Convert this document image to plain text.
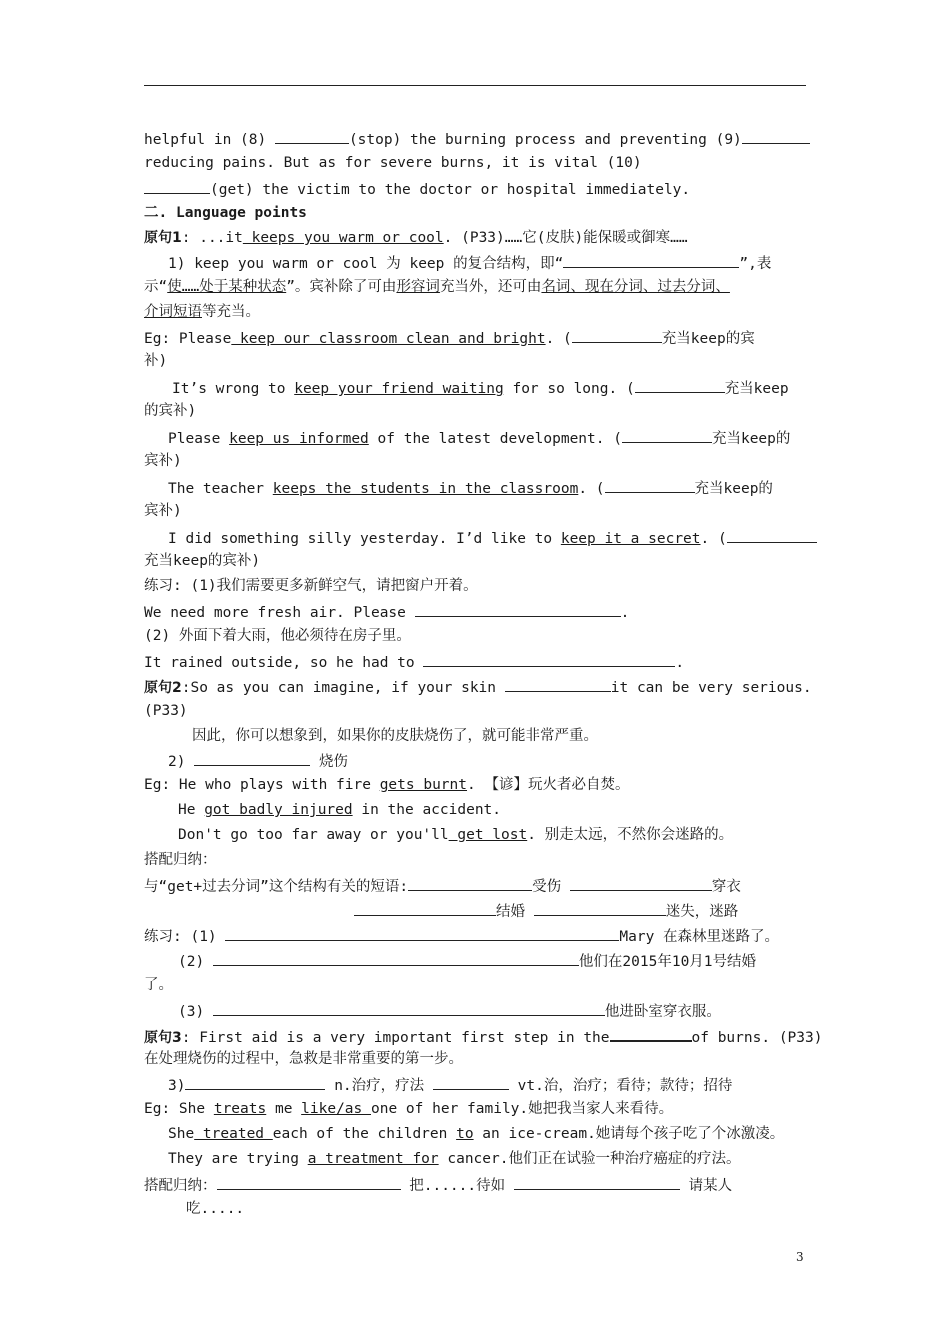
helpful in (8)	(stop) the burning process and preventing (9)
reducing pains. But as for severe burns, it is vital (10)
(get) the victim to the doctor or hospital immediately.
二. Language points
原句1: ...it keeps you warm or cool. (P33)……它(皮肤)能保暖或御寒……
1) keep you warm or cool 为 keep 的复合结构，即“	”,表
示“使……处于某种状态”。宾补除了可由形容词充当外，还可由名词、现在分词、过去分词、
介词短语等充当。
Eg: Please keep our classroom clean and bright. (	充当keep的宾
补)
It’s wrong to keep your friend waiting for so long. (	充当keep
的宾补)
Please keep us informed of the latest development. (	充当keep的
宾补)
The teacher keeps the students in the classroom. (	充当keep的
宾补)
I did something silly yesterday. I’d like to keep it a secret. (
充当keep的宾补)
练习: (1)我们需要更多新鲜空气，请把窗户开着。
We need more fresh air. Please	.
(2) 外面下着大雨，他必须待在房子里。
It rained outside, so he had to	.
原句2:So as you can imagine, if your skin	it can be very serious.
(P33)
因此，你可以想象到，如果你的皮肤烧伤了，就可能非常严重。
2)	烧伤
Eg: He who plays with fire gets burnt. 【谚】玩火者必自焚。
He got badly injured in the accident.
Don't go too far away or you'll get lost. 别走太远，不然你会迷路的。
搭配归纳：
与“get+过去分词”这个结构有关的短语:	受伤	穿衣
结婚	迷失，迷路
练习: (1)	Mary 在森林里迷路了。
(2)	他们在2015年10月1号结婚
了。
(3)	他进卧室穿衣服。
原句3: First aid is a very important first step in the	of burns. (P33)
在处理烧伤的过程中，急救是非常重要的第一步。
3)	n.治疗，疗法	vt.治，治疗；看待；款待；招待
Eg: She treats me like/as one of her family.她把我当家人来看待。
She treated each of the children to an ice-cream.她请每个孩子吃了个冰激凌。
They are trying a treatment for cancer.他们正在试验一种治疗癌症的疗法。
搭配归纳：	把......待如	请某人
吃.....
3
